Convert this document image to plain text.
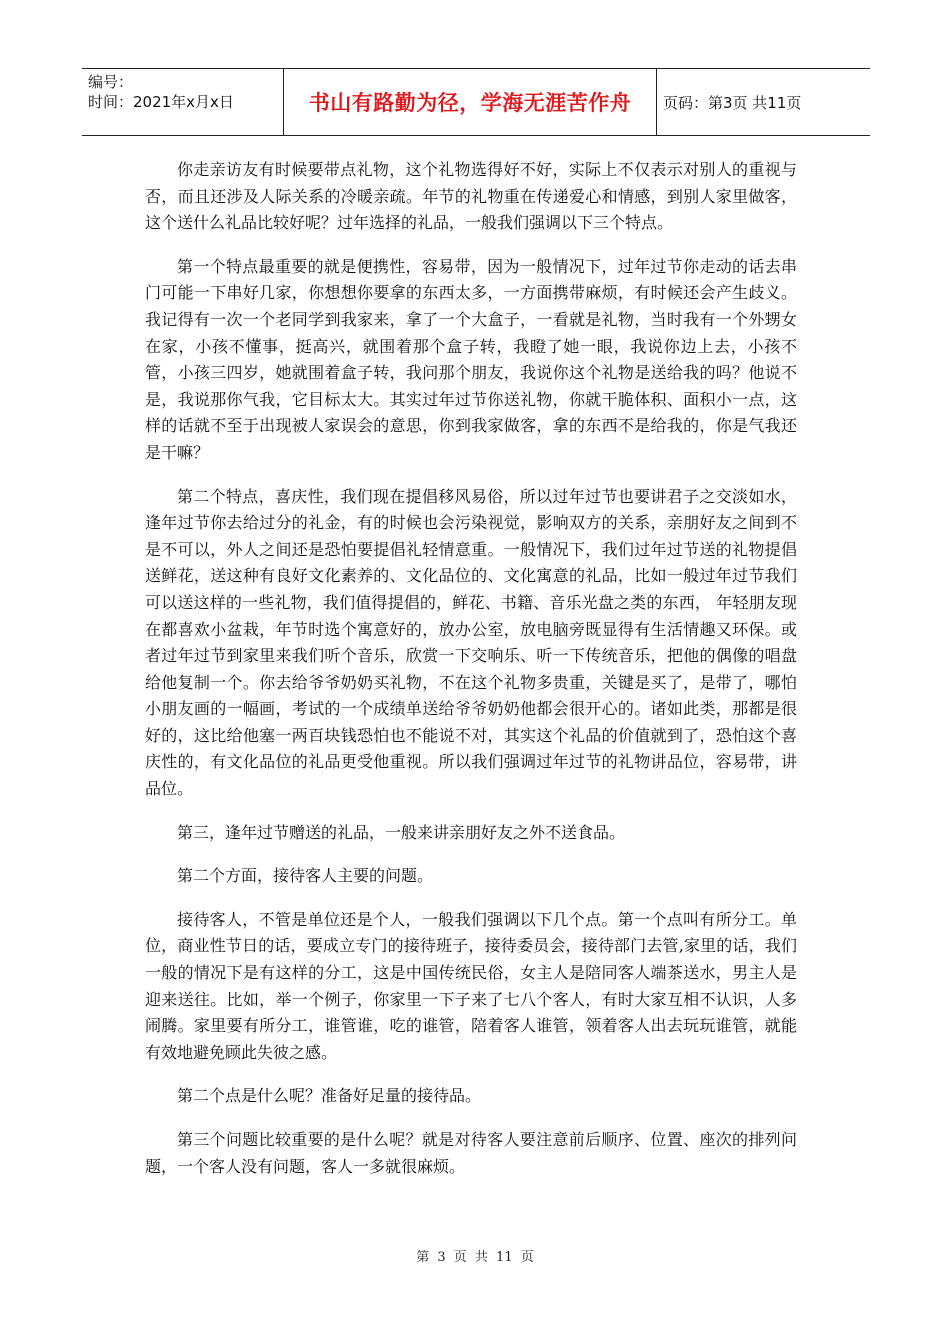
编号：
时间：2021年x月x日	书山有路勤为径，学海无涯苦作舟	页码：第3页 共11页

你走亲访友有时候要带点礼物，这个礼物选得好不好，实际上不仅表示对别人的重视与否，而且还涉及人际关系的冷暖亲疏。年节的礼物重在传递爱心和情感，到别人家里做客，这个送什么礼品比较好呢？过年选择的礼品，一般我们强调以下三个特点。

第一个特点最重要的就是便携性，容易带，因为一般情况下，过年过节你走动的话去串门可能一下串好几家，你想想你要拿的东西太多，一方面携带麻烦，有时候还会产生歧义。我记得有一次一个老同学到我家来，拿了一个大盒子，一看就是礼物，当时我有一个外甥女在家，小孩不懂事，挺高兴，就围着那个盒子转，我瞪了她一眼，我说你边上去，小孩不管，小孩三四岁，她就围着盒子转，我问那个朋友，我说你这个礼物是送给我的吗？他说不是，我说那你气我，它目标太大。其实过年过节你送礼物，你就干脆体积、面积小一点，这样的话就不至于出现被人家误会的意思，你到我家做客，拿的东西不是给我的，你是气我还是干嘛？

第二个特点，喜庆性，我们现在提倡移风易俗，所以过年过节也要讲君子之交淡如水，逢年过节你去给过分的礼金，有的时候也会污染视觉，影响双方的关系，亲朋好友之间到不是不可以，外人之间还是恐怕要提倡礼轻情意重。一般情况下，我们过年过节送的礼物提倡送鲜花，送这种有良好文化素养的、文化品位的、文化寓意的礼品，比如一般过年过节我们可以送这样的一些礼物，我们值得提倡的，鲜花、书籍、音乐光盘之类的东西， 年轻朋友现在都喜欢小盆栽，年节时选个寓意好的，放办公室，放电脑旁既显得有生活情趣又环保。或者过年过节到家里来我们听个音乐，欣赏一下交响乐、听一下传统音乐，把他的偶像的唱盘给他复制一个。你去给爷爷奶奶买礼物，不在这个礼物多贵重，关键是买了，是带了，哪怕小朋友画的一幅画，考试的一个成绩单送给爷爷奶奶他都会很开心的。诸如此类，那都是很好的，这比给他塞一两百块钱恐怕也不能说不对，其实这个礼品的价值就到了，恐怕这个喜庆性的，有文化品位的礼品更受他重视。所以我们强调过年过节的礼物讲品位，容易带，讲品位。

第三，逢年过节赠送的礼品，一般来讲亲朋好友之外不送食品。

第二个方面，接待客人主要的问题。

接待客人，不管是单位还是个人，一般我们强调以下几个点。第一个点叫有所分工。单位，商业性节日的话，要成立专门的接待班子，接待委员会，接待部门去管,家里的话，我们一般的情况下是有这样的分工，这是中国传统民俗，女主人是陪同客人端茶送水，男主人是迎来送往。比如，举一个例子，你家里一下子来了七八个客人，有时大家互相不认识，人多闹腾。家里要有所分工，谁管谁，吃的谁管，陪着客人谁管，领着客人出去玩玩谁管，就能有效地避免顾此失彼之感。

第二个点是什么呢？准备好足量的接待品。

第三个问题比较重要的是什么呢？就是对待客人要注意前后顺序、位置、座次的排列问题，一个客人没有问题，客人一多就很麻烦。

第 3 页 共 11 页
